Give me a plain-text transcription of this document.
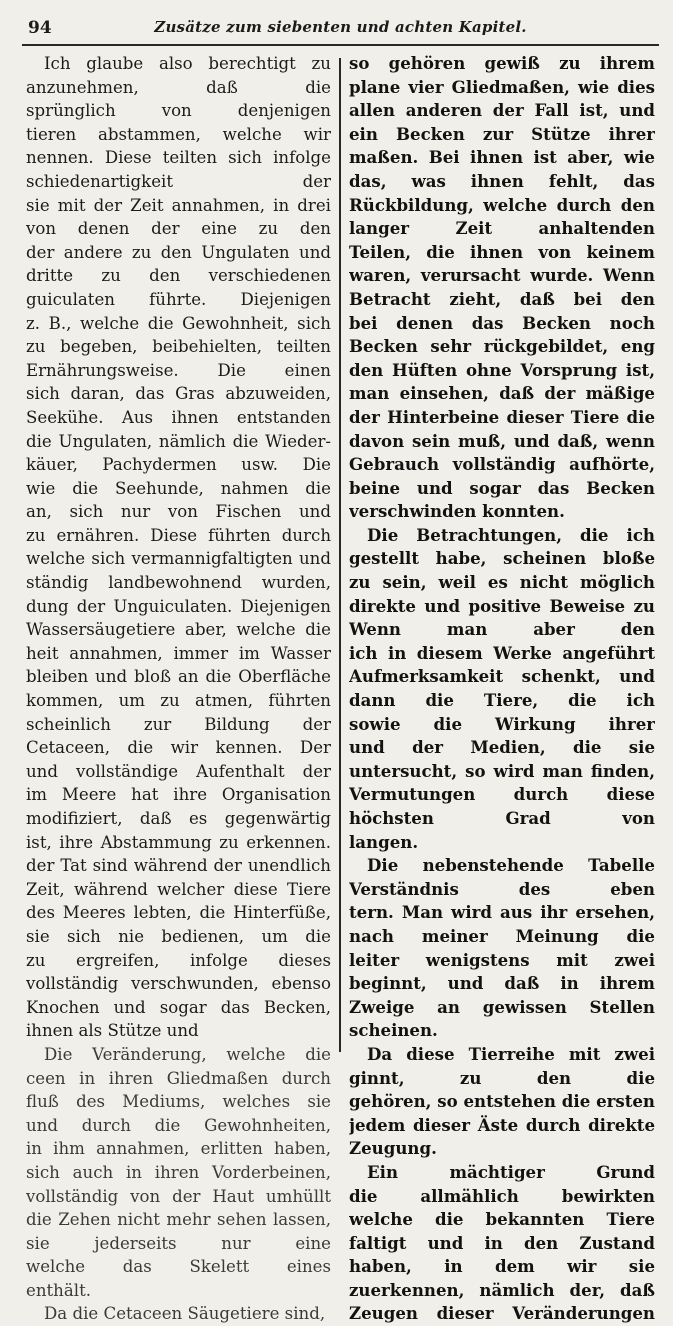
94	Zusätze zum siebenten und achten Kapitel.
Ich glaube also berechtigt zu
anzunehmen, daß die
sprünglich von denjenigen
tieren abstammen, welche wir
nennen. Diese teilten sich infolge
schiedenartigkeit der
sie mit der Zeit annahmen, in drei
von denen der eine zu den
der andere zu den Ungulaten und
dritte zu den verschiedenen
guiculaten führte. Diejenigen
z. B., welche die Gewohnheit, sich
zu begeben, beibehielten, teilten
Ernährungsweise. Die einen
sich daran, das Gras abzuweiden,
Seekühe. Aus ihnen entstanden
die Ungulaten, nämlich die Wieder-
käuer, Pachydermen usw. Die
wie die Seehunde, nahmen die
an, sich nur von Fischen und
zu ernähren. Diese führten durch
welche sich vermannigfaltigten und
ständig landbewohnend wurden,
dung der Unguiculaten. Diejenigen
Wassersäugetiere aber, welche die
heit annahmen, immer im Wasser
bleiben und bloß an die Oberfläche
kommen, um zu atmen, führten
scheinlich zur Bildung der
Cetaceen, die wir kennen. Der
und vollständige Aufenthalt der
im Meere hat ihre Organisation
modifiziert, daß es gegenwärtig
ist, ihre Abstammung zu erkennen.
der Tat sind während der unendlich
Zeit, während welcher diese Tiere
des Meeres lebten, die Hinterfüße,
sie sich nie bedienen, um die
zu ergreifen, infolge dieses
vollständig verschwunden, ebenso
Knochen und sogar das Becken,
ihnen als Stütze und
Die Veränderung, welche die
ceen in ihren Gliedmaßen durch
fluß des Mediums, welches sie
und durch die Gewohnheiten,
in ihm annahmen, erlitten haben,
sich auch in ihren Vorderbeinen,
vollständig von der Haut umhüllt
die Zehen nicht mehr sehen lassen,
sie jederseits nur eine
welche das Skelett eines
enthält.
Da die Cetaceen Säugetiere sind,
so gehören gewiß zu ihrem
plane vier Gliedmaßen, wie dies
allen anderen der Fall ist, und
ein Becken zur Stütze ihrer
maßen. Bei ihnen ist aber, wie
das, was ihnen fehlt, das
Rückbildung, welche durch den
langer Zeit anhaltenden
Teilen, die ihnen von keinem
waren, verursacht wurde. Wenn
Betracht zieht, daß bei den
bei denen das Becken noch
Becken sehr rückgebildet, eng
den Hüften ohne Vorsprung ist,
man einsehen, daß der mäßige
der Hinterbeine dieser Tiere die
davon sein muß, und daß, wenn
Gebrauch vollständig aufhörte,
beine und sogar das Becken
verschwinden konnten.
Die Betrachtungen, die ich
gestellt habe, scheinen bloße
zu sein, weil es nicht möglich
direkte und positive Beweise zu
Wenn man aber den
ich in diesem Werke angeführt
Aufmerksamkeit schenkt, und
dann die Tiere, die ich
sowie die Wirkung ihrer
und der Medien, die sie
untersucht, so wird man finden,
Vermutungen durch diese
höchsten Grad von
langen.
Die nebenstehende Tabelle
Verständnis des eben
tern. Man wird aus ihr ersehen,
nach meiner Meinung die
leiter wenigstens mit zwei
beginnt, und daß in ihrem
Zweige an gewissen Stellen
scheinen.
Da diese Tierreihe mit zwei
ginnt, zu den die
gehören, so entstehen die ersten
jedem dieser Äste durch direkte
Zeugung.
Ein mächtiger Grund
die allmählich bewirkten
welche die bekannten Tiere
faltigt und in den Zustand
haben, in dem wir sie
zuerkennen, nämlich der, daß
Zeugen dieser Veränderungen
